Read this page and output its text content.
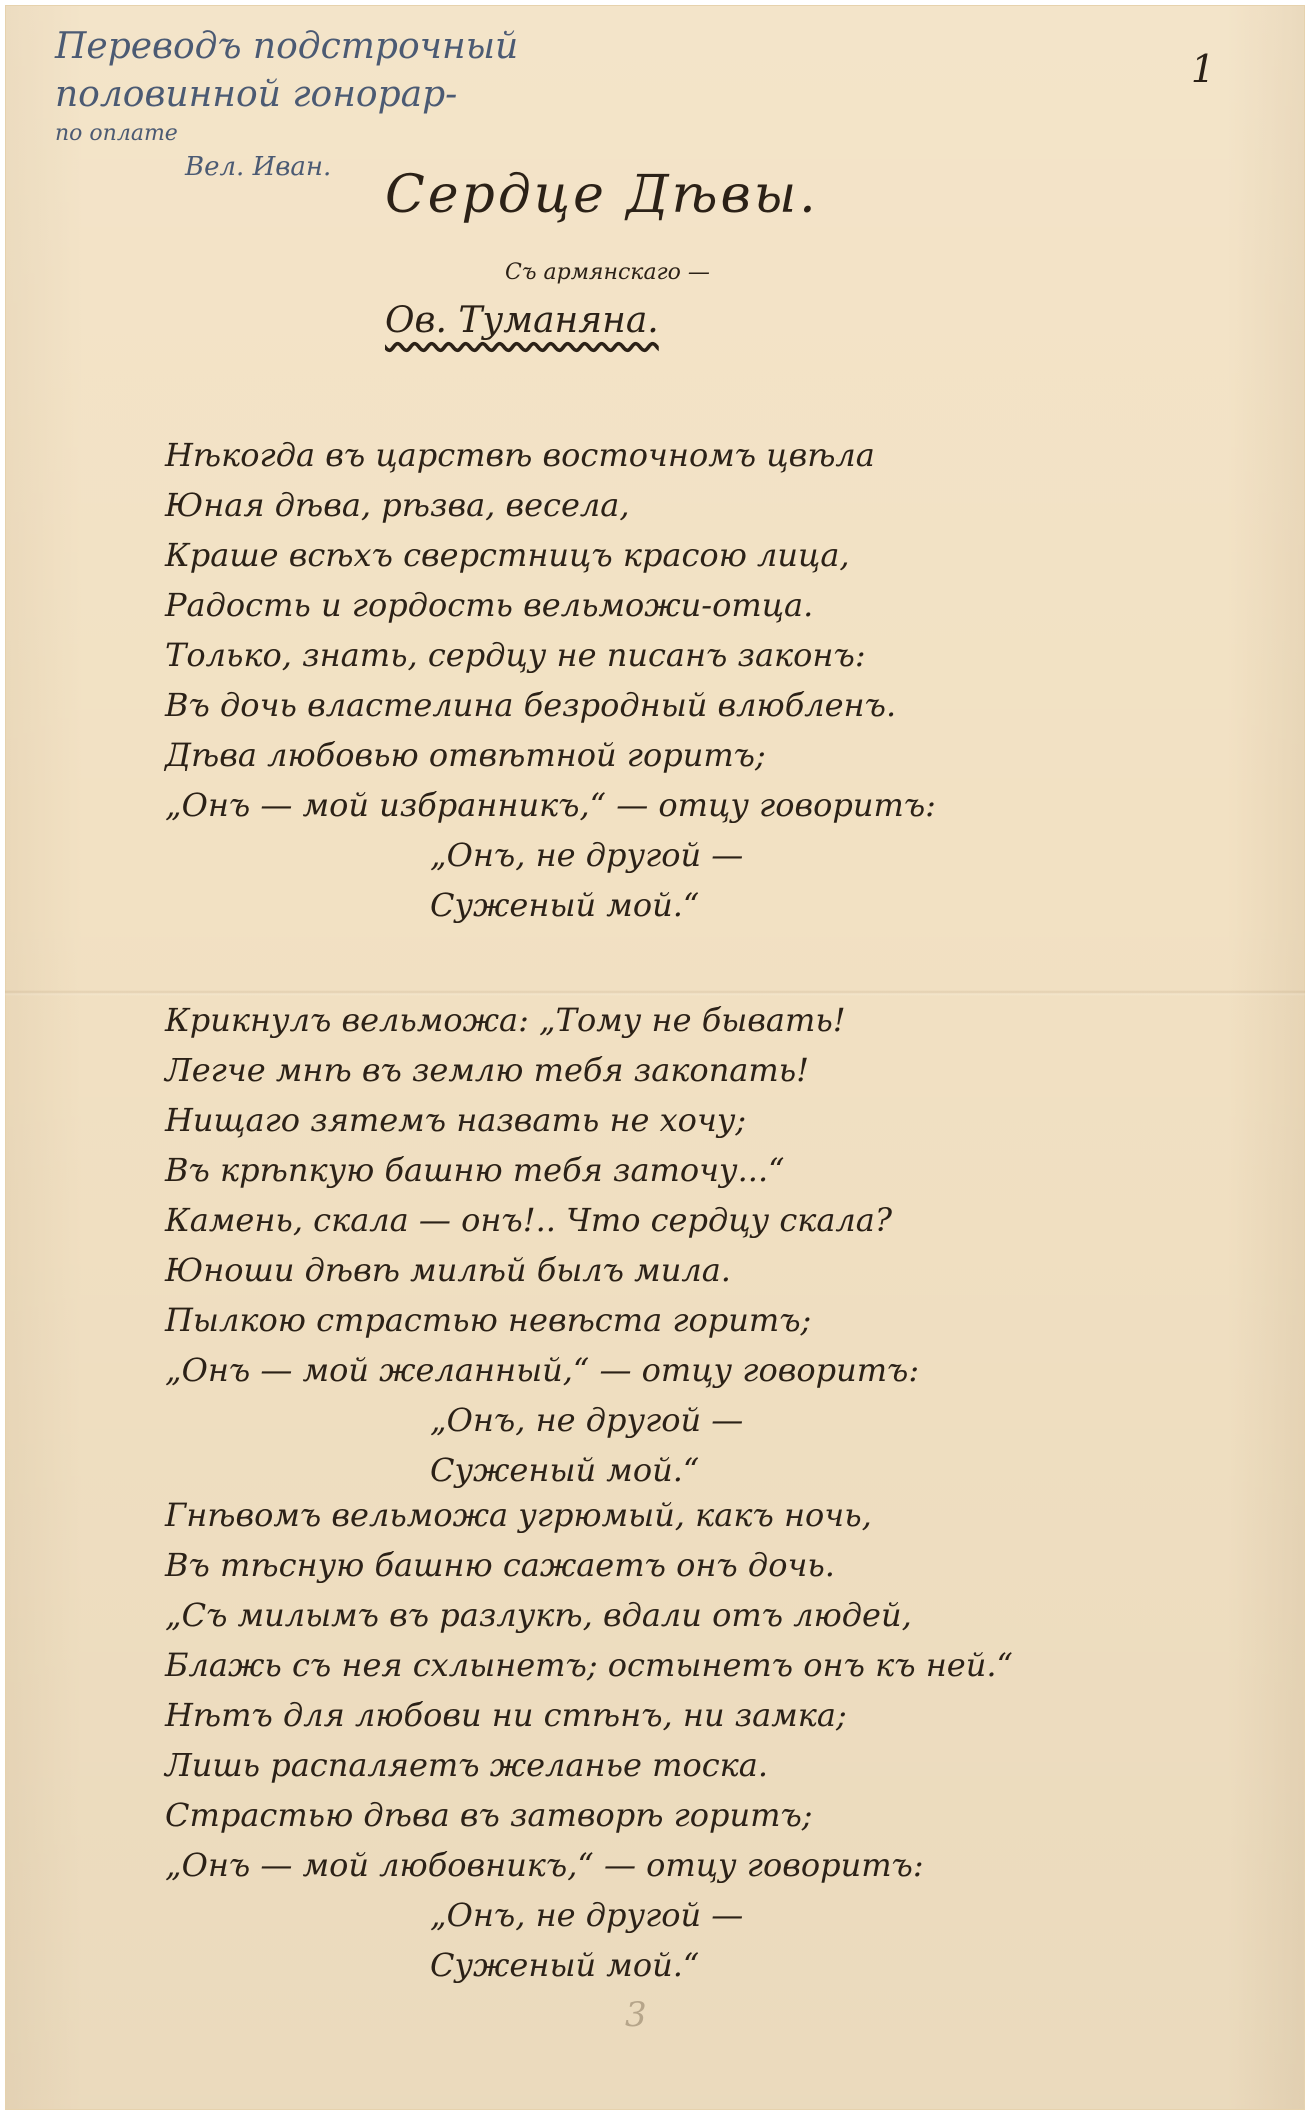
Переводъ подстрочный
половинной гонорар-
по оплате
Вел. Иван.
1
Сердце Дѣвы.
Съ армянскаго —
Ов. Туманяна.
Нѣкогда въ царствѣ восточномъ цвѣла
Юная дѣва, рѣзва, весела,
Краше всѣхъ сверстницъ красою лица,
Радость и гордость вельможи-отца.
Только, знать, сердцу не писанъ законъ:
Въ дочь властелина безродный влюбленъ.
Дѣва любовью отвѣтной горитъ;
„Онъ — мой избранникъ,“ — отцу говоритъ:
„Онъ, не другой —
Суженый мой.“
Крикнулъ вельможа: „Тому не бывать!
Легче мнѣ въ землю тебя закопать!
Нищаго зятемъ назвать не хочу;
Въ крѣпкую башню тебя заточу...“
Камень, скала — онъ!.. Что сердцу скала?
Юноши дѣвѣ милѣй былъ мила.
Пылкою страстью невѣста горитъ;
„Онъ — мой желанный,“ — отцу говоритъ:
„Онъ, не другой —
Суженый мой.“
Гнѣвомъ вельможа угрюмый, какъ ночь,
Въ тѣсную башню сажаетъ онъ дочь.
„Съ милымъ въ разлукѣ, вдали отъ людей,
Блажь съ нея схлынетъ; остынетъ онъ къ ней.“
Нѣтъ для любови ни стѣнъ, ни замка;
Лишь распаляетъ желанье тоска.
Страстью дѣва въ затворѣ горитъ;
„Онъ — мой любовникъ,“ — отцу говоритъ:
„Онъ, не другой —
Суженый мой.“
3
